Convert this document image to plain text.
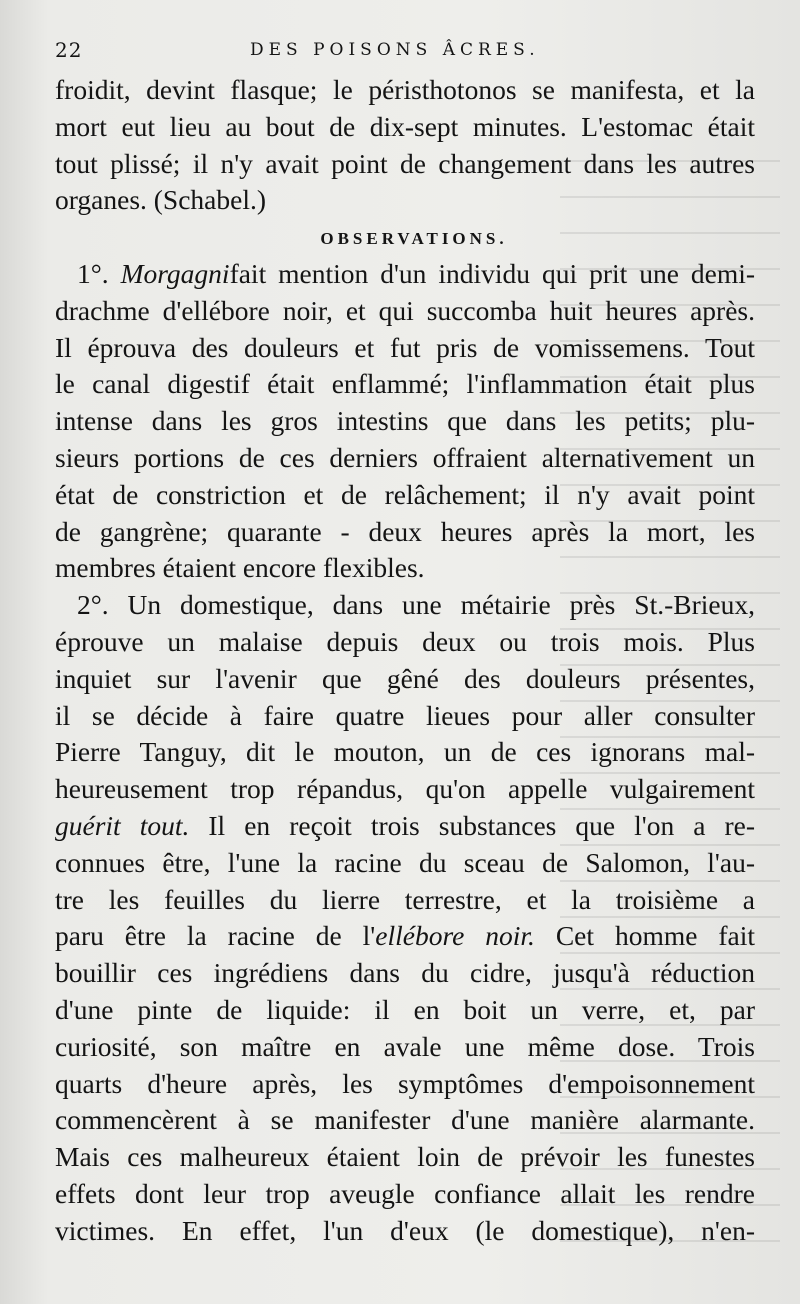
22	DES POISONS ÂCRES.
froidit, devint flasque; le péristhotonos se manifesta, et la
mort eut lieu au bout de dix-sept minutes. L'estomac était
tout plissé; il n'y avait point de changement dans les autres
organes. (Schabel.)
OBSERVATIONS.
1°. Morgagnifait mention d'un individu qui prit une demi-
drachme d'ellébore noir, et qui succomba huit heures après.
Il éprouva des douleurs et fut pris de vomissemens. Tout
le canal digestif était enflammé; l'inflammation était plus
intense dans les gros intestins que dans les petits; plu-
sieurs portions de ces derniers offraient alternativement un
état de constriction et de relâchement; il n'y avait point
de gangrène; quarante - deux heures après la mort, les
membres étaient encore flexibles.
2°. Un domestique, dans une métairie près St.-Brieux,
éprouve un malaise depuis deux ou trois mois. Plus
inquiet sur l'avenir que gêné des douleurs présentes,
il se décide à faire quatre lieues pour aller consulter
Pierre Tanguy, dit le mouton, un de ces ignorans mal-
heureusement trop répandus, qu'on appelle vulgairement
guérit tout. Il en reçoit trois substances que l'on a re-
connues être, l'une la racine du sceau de Salomon, l'au-
tre les feuilles du lierre terrestre, et la troisième a
paru être la racine de l'ellébore noir. Cet homme fait
bouillir ces ingrédiens dans du cidre, jusqu'à réduction
d'une pinte de liquide: il en boit un verre, et, par
curiosité, son maître en avale une même dose. Trois
quarts d'heure après, les symptômes d'empoisonnement
commencèrent à se manifester d'une manière alarmante.
Mais ces malheureux étaient loin de prévoir les funestes
effets dont leur trop aveugle confiance allait les rendre
victimes. En effet, l'un d'eux (le domestique), n'en-
